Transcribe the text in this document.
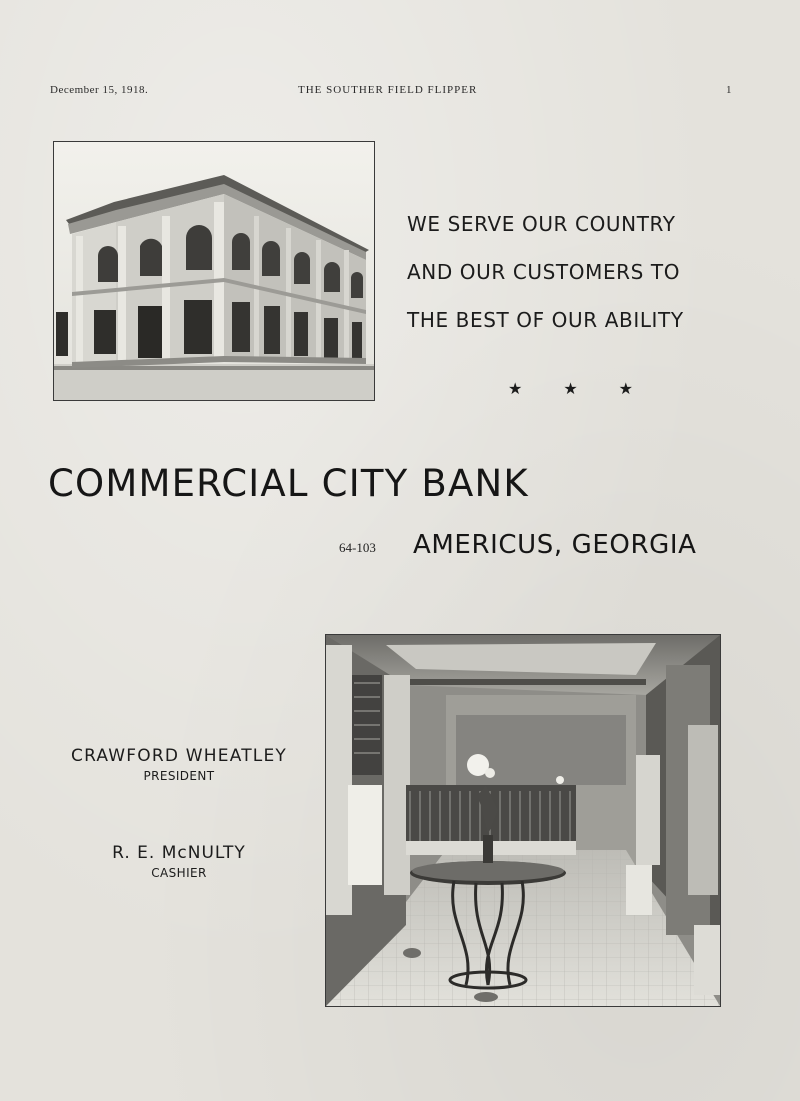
December 15, 1918.	THE SOUTHER FIELD FLIPPER	1
WE SERVE OUR COUNTRY
AND OUR CUSTOMERS TO
THE BEST OF OUR ABILITY
★	★	★
COMMERCIAL CITY BANK
64-103 AMERICUS, GEORGIA
CRAWFORD WHEATLEY
PRESIDENT
R. E. McNULTY
CASHIER
